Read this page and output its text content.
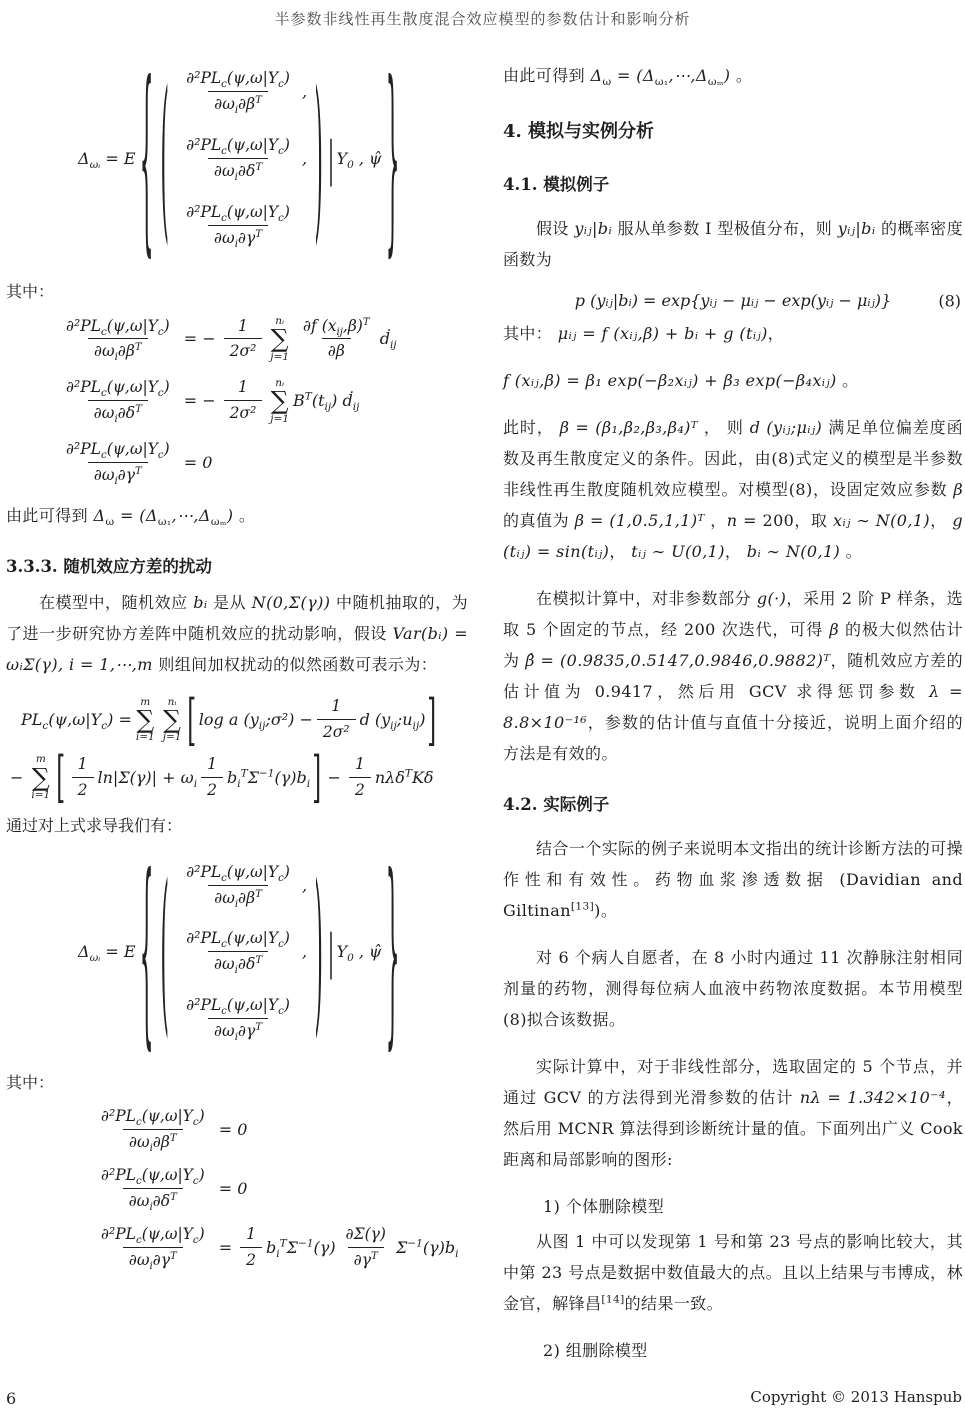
半参数非线性再生散度混合效应模型的参数估计和影响分析
$\Delta_{\omega ᵢ} = E$ { ( $\frac{\partial^2PL_c(\psi,\omega|Y_c)}{\partial\omega_i\partial\beta^T}$ ,
$\frac{\partial^2PL_c(\psi,\omega|Y_c)}{\partial\omega_i\partial\delta^T}$ ,
$\frac{\partial^2PL_c(\psi,\omega|Y_c)}{\partial\omega_i\partial\gamma^T}$ ) | $Y_0$ , ψ̂ }
其中：
$\frac{\partial^2PL_c(\psi,\omega|Y_c)}{\partial\omega_i\partial\beta^T}$ = − $\frac{1}{\text{2σ²}}$ nᵢ
∑
$j=1 \frac{\partial f (x_{ij},\beta)^T}{\partial\beta}$ ḋ$_{ij}$
$\frac{\partial^2PL_c(\psi,\omega|Y_c)}{\partial\omega_i\partial\delta^T}$ = − $\frac{1}{\text{2σ²}}$ nᵢ
∑
j=1
$B^T(t_{ij})$ ḋ$_{ij}$
$\frac{\partial^2PL_c(\psi,\omega|Y_c)}{\partial\omega_i\partial\gamma^T} = 0$
由此可得到 $\Delta_\omega$ = $(\Delta_{\omega_1},\cdots,\Delta_{\omega_m})$ 。
3.3.3. 随机效应方差的扰动

在模型中，随机效应 bᵢ 是从 N(0,Σ(γ)) 中随机抽取的，为了进一步研究协方差阵中随机效应的扰动影响，假设 Var(bᵢ) = ωᵢΣ(γ), i = 1,⋯,m 则组间加权扰动的似然函数可表示为：

$PL_c(\psi,\omega|Y_c)$ =
m
∑
i=1
nᵢ
∑
j=1 [ log a $(y_{ij};\sigma^2) - \frac{1}{\text{2σ²}}$ d $(y_{ij};u_{ij})$ ]
−
m
∑
i=1 [ $\frac{1}{2} \ln|\Sigma(\gamma)| + \omega_i \frac{1}{2} b_i^T\Sigma^{-1}(\gamma)b_i$ ] − $\frac{1}{2} n\lambda\delta^TK\delta$
通过对上式求导我们有：
$\Delta_{\omega ᵢ} = E$ { ( $\frac{\partial^2PL_c(\psi,\omega|Y_c)}{\partial\omega_i\partial\beta^T}$ ,
$\frac{\partial^2PL_c(\psi,\omega|Y_c)}{\partial\omega_i\partial\delta^T}$ ,
$\frac{\partial^2PL_c(\psi,\omega|Y_c)}{\partial\omega_i\partial\gamma^T}$ ) | $Y_0$ , ψ̂ }
其中：
$\frac{\partial^2PL_c(\psi,\omega|Y_c)}{\partial\omega_i\partial\beta^T} = 0$
$\frac{\partial^2PL_c(\psi,\omega|Y_c)}{\partial\omega_i\partial\delta^T} = 0$
$\frac{\partial^2PL_c(\psi,\omega|Y_c)}{\partial\omega_i\partial\gamma^T} = \frac{1}{2} b_i^T\Sigma^{-1}(\gamma) \frac{\partial\Sigma(\gamma)}{\partial\gamma^T} \Sigma^{-1}(\gamma)b_i$
由此可得到 $\Delta_\omega$ = $(\Delta_{\omega_1},\cdots,\Delta_{\omega_m})$ 。
4. 模拟与实例分析
4.1. 模拟例子

假设 yᵢⱼ|bᵢ 服从单参数 I 型极值分布，则 yᵢⱼ|bᵢ 的概率密度函数为

p (yᵢⱼ|bᵢ) = exp{yᵢⱼ − μᵢⱼ − exp(yᵢⱼ − μᵢⱼ)}	(8)

其中： μᵢⱼ = f (xᵢⱼ,β) + bᵢ + g (tᵢⱼ)，

f (xᵢⱼ,β) = β₁ exp(−β₂xᵢⱼ) + β₃ exp(−β₄xᵢⱼ) 。

此时， β = (β₁,β₂,β₃,β₄)ᵀ ， 则 d (yᵢⱼ;μᵢⱼ) 满足单位偏差度函数及再生散度定义的条件。因此，由(8)式定义的模型是半参数非线性再生散度随机效应模型。对模型(8)，设固定效应参数 β 的真值为 β = (1,0.5,1,1)ᵀ ，n = 200，取 xᵢⱼ ∼ N(0,1)， g (tᵢⱼ) = sin(tᵢⱼ)， tᵢⱼ ∼ U(0,1)， bᵢ ∼ N(0,1) 。

在模拟计算中，对非参数部分 g(·)，采用 2 阶 P 样条，选取 5 个固定的节点，经 200 次迭代，可得 β 的极大似然估计为 β̂ = (0.9835,0.5147,0.9846,0.9882)ᵀ，随机效应方差的估计值为 0.9417，然后用 GCV 求得惩罚参数 λ = 8.8×10⁻¹⁶，参数的估计值与直值十分接近，说明上面介绍的方法是有效的。

4.2. 实际例子

结合一个实际的例子来说明本文指出的统计诊断方法的可操作性和有效性。药物血浆渗透数据 (Davidian and Giltinan[13])。

对 6 个病人自愿者，在 8 小时内通过 11 次静脉注射相同剂量的药物，测得每位病人血液中药物浓度数据。本节用模型(8)拟合该数据。

实际计算中，对于非线性部分，选取固定的 5 个节点，并通过 GCV 的方法得到光滑参数的估计 nλ = 1.342×10⁻⁴，然后用 MCNR 算法得到诊断统计量的值。下面列出广义 Cook 距离和局部影响的图形:

1) 个体删除模型

从图 1 中可以发现第 1 号和第 23 号点的影响比较大，其中第 23 号点是数据中数值最大的点。且以上结果与韦博成，林金官，解锋昌[14]的结果一致。

2) 组删除模型
6	Copyright © 2013 Hanspub
